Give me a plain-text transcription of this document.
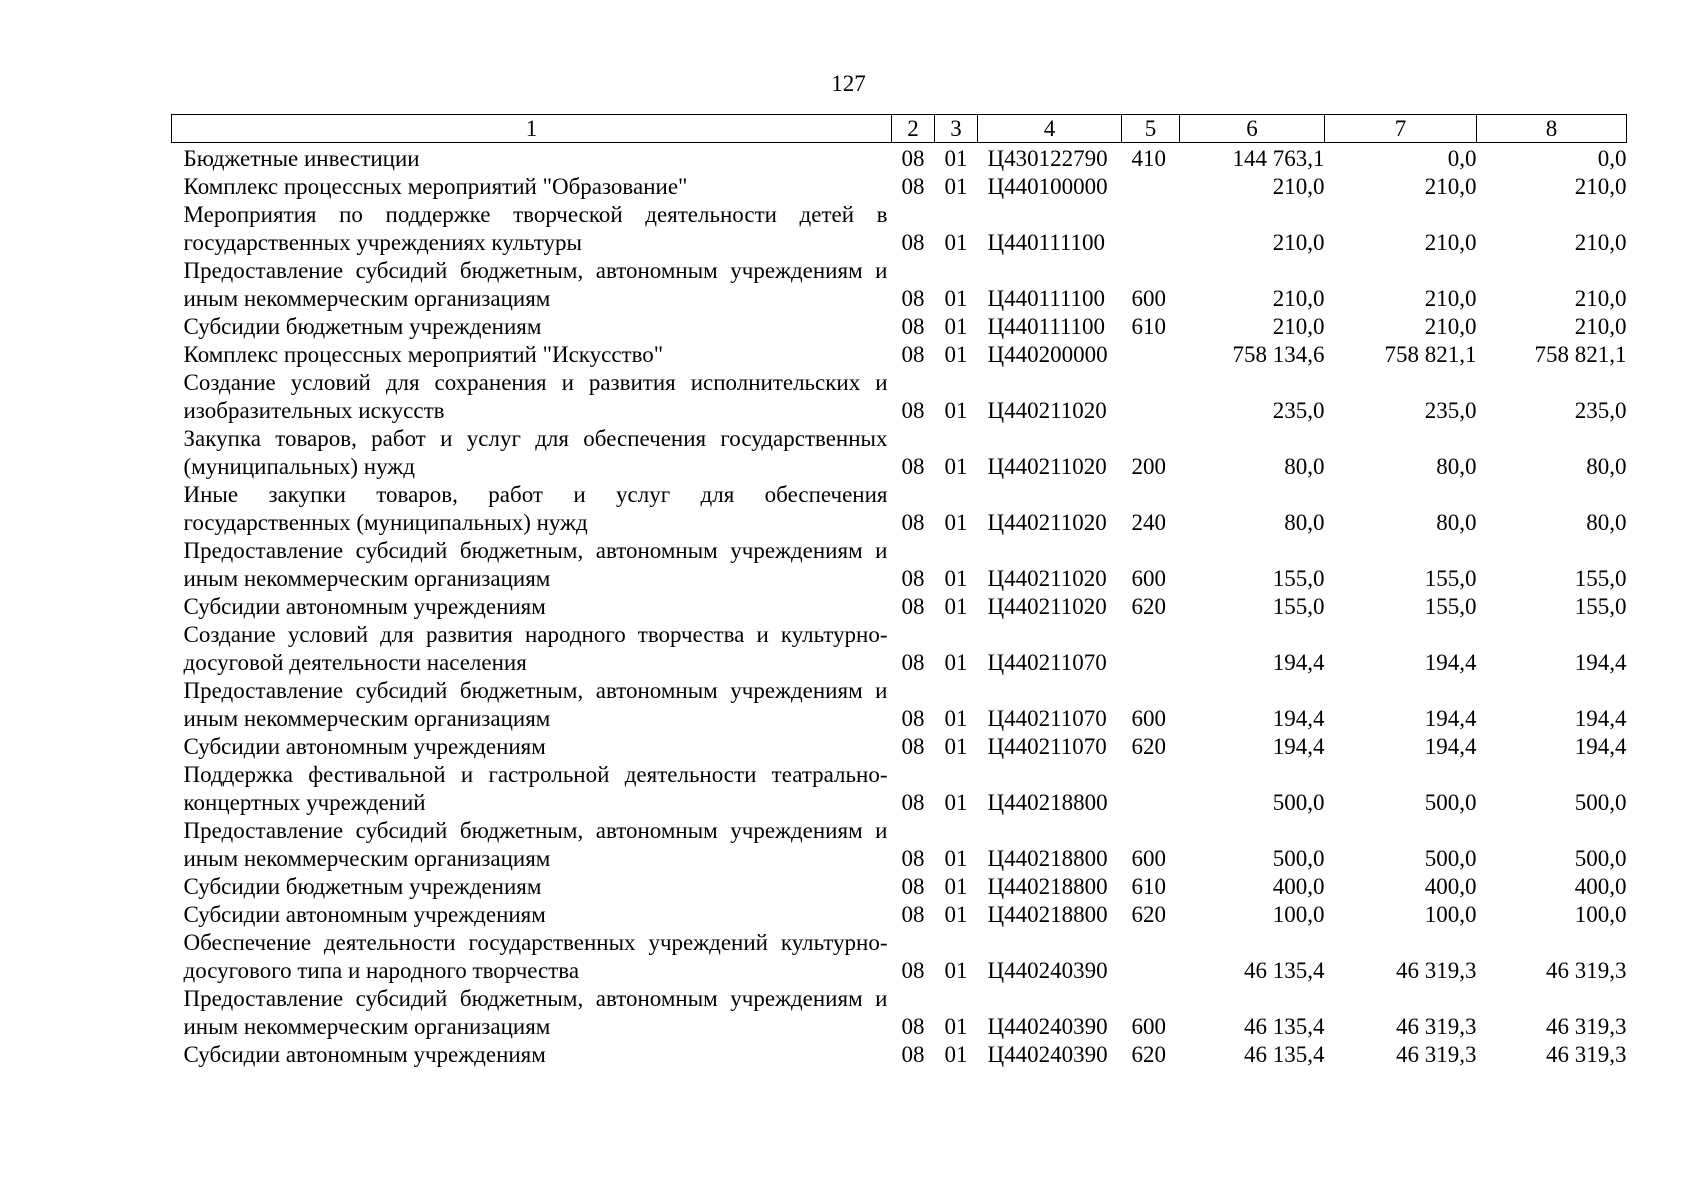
127
1	2	3	4	5	6	7	8
Бюджетные инвестиции	08	01	Ц430122790	410	144 763,1	0,0	0,0
Комплекс процессных мероприятий "Образование"	08	01	Ц440100000		210,0	210,0	210,0
Мероприятия по поддержке творческой деятельности детей в государственных учреждениях культуры	08	01	Ц440111100		210,0	210,0	210,0
Предоставление субсидий бюджетным, автономным учреждениям и иным некоммерческим организациям	08	01	Ц440111100	600	210,0	210,0	210,0
Субсидии бюджетным учреждениям	08	01	Ц440111100	610	210,0	210,0	210,0
Комплекс процессных мероприятий "Искусство"	08	01	Ц440200000		758 134,6	758 821,1	758 821,1
Создание условий для сохранения и развития исполнительских и изобразительных искусств	08	01	Ц440211020		235,0	235,0	235,0
Закупка товаров, работ и услуг для обеспечения государственных (муниципальных) нужд	08	01	Ц440211020	200	80,0	80,0	80,0
Иные закупки товаров, работ и услуг для обеспечения государственных (муниципальных) нужд	08	01	Ц440211020	240	80,0	80,0	80,0
Предоставление субсидий бюджетным, автономным учреждениям и иным некоммерческим организациям	08	01	Ц440211020	600	155,0	155,0	155,0
Субсидии автономным учреждениям	08	01	Ц440211020	620	155,0	155,0	155,0
Создание условий для развития народного творчества и культурно-досуговой деятельности населения	08	01	Ц440211070		194,4	194,4	194,4
Предоставление субсидий бюджетным, автономным учреждениям и иным некоммерческим организациям	08	01	Ц440211070	600	194,4	194,4	194,4
Субсидии автономным учреждениям	08	01	Ц440211070	620	194,4	194,4	194,4
Поддержка фестивальной и гастрольной деятельности театрально-концертных учреждений	08	01	Ц440218800		500,0	500,0	500,0
Предоставление субсидий бюджетным, автономным учреждениям и иным некоммерческим организациям	08	01	Ц440218800	600	500,0	500,0	500,0
Субсидии бюджетным учреждениям	08	01	Ц440218800	610	400,0	400,0	400,0
Субсидии автономным учреждениям	08	01	Ц440218800	620	100,0	100,0	100,0
Обеспечение деятельности государственных учреждений культурно-досугового типа и народного творчества	08	01	Ц440240390		46 135,4	46 319,3	46 319,3
Предоставление субсидий бюджетным, автономным учреждениям и иным некоммерческим организациям	08	01	Ц440240390	600	46 135,4	46 319,3	46 319,3
Субсидии автономным учреждениям	08	01	Ц440240390	620	46 135,4	46 319,3	46 319,3
